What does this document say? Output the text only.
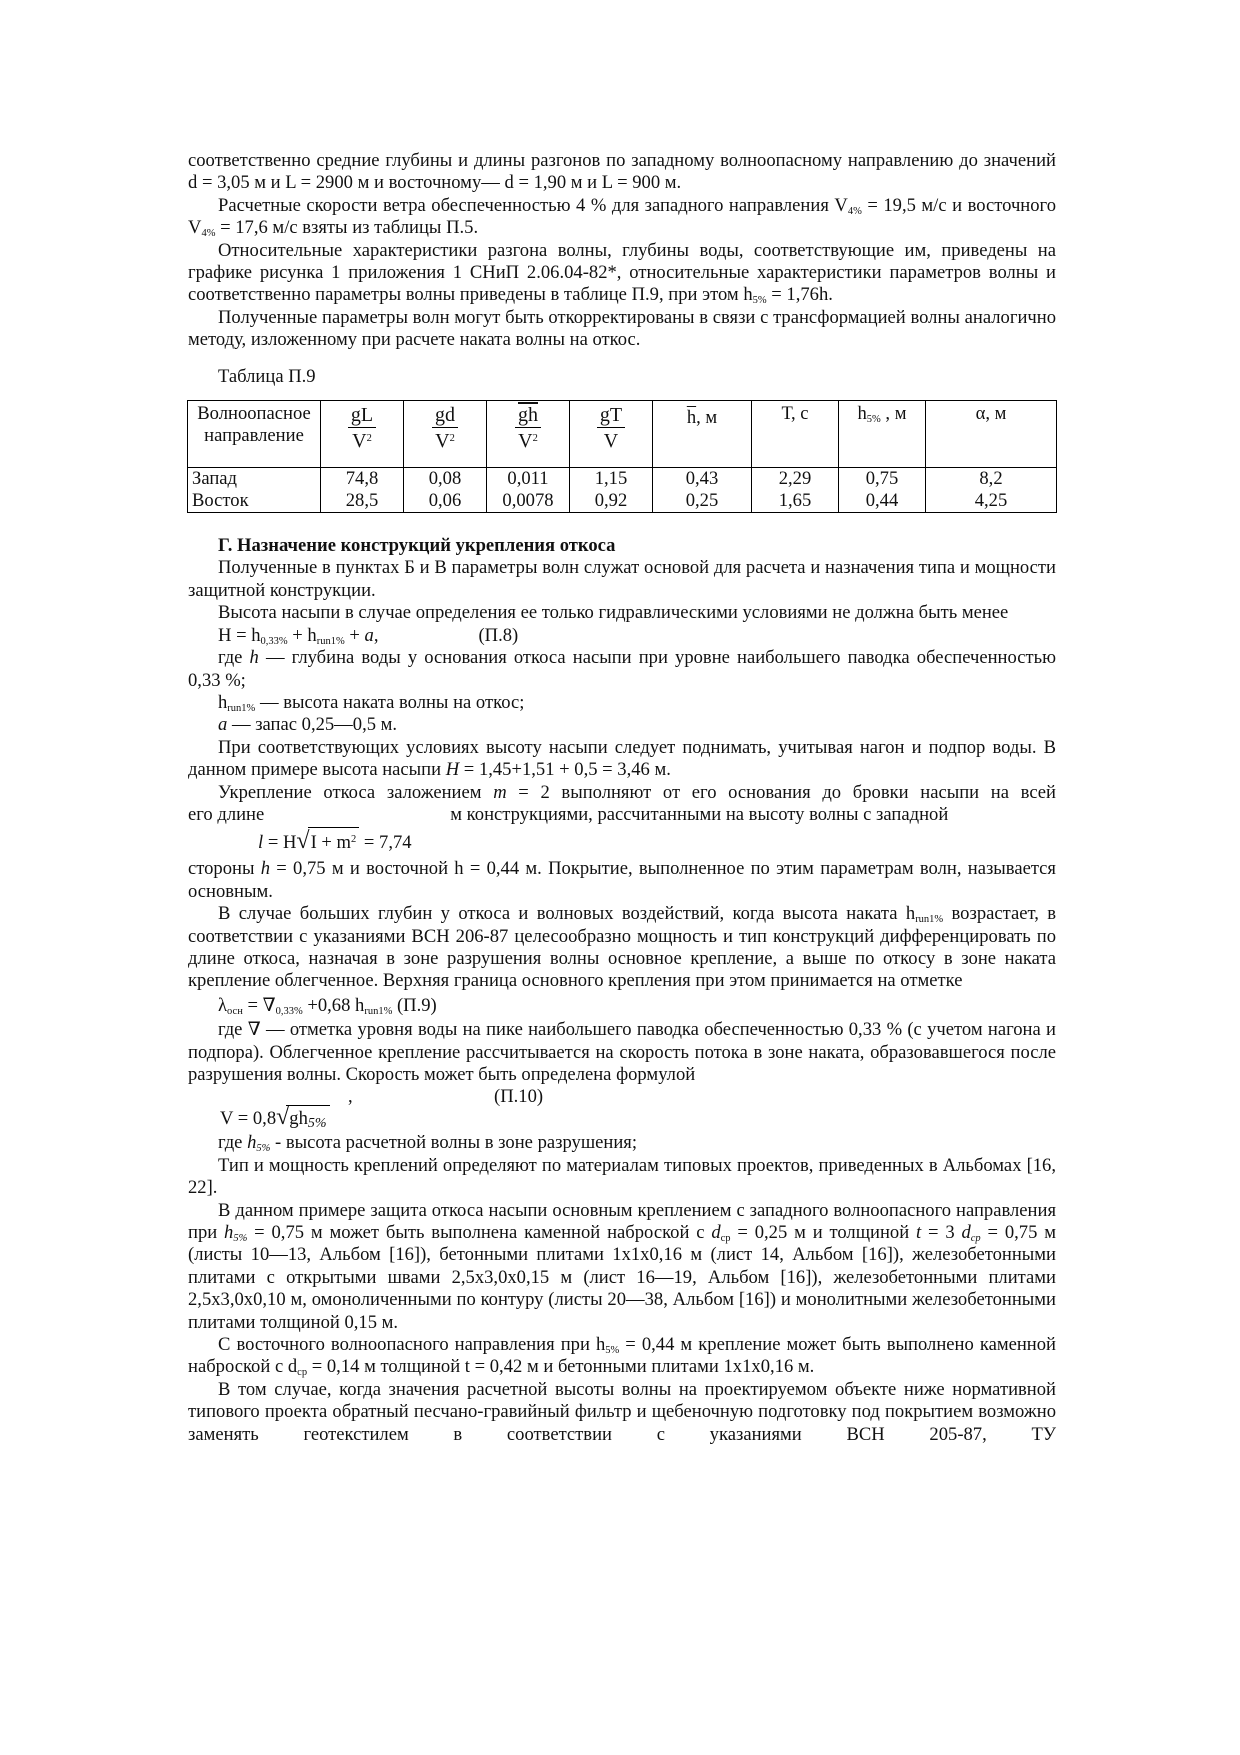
соответственно средние глубины и длины разгонов по западному волноопасному направлению до значений d = 3,05 м и L = 2900 м и восточному— d = 1,90 м и L = 900 м.

Расчетные скорости ветра обеспеченностью 4 % для западного направления $V_{4\%} = 19,5$ м/с и восточного $V_{4\%} = 17,6$ м/с взяты из таблицы П.5.

Относительные характеристики разгона волны, глубины воды, соответствующие им, приведены на графике рисунка 1 приложения 1 СНиП 2.06.04-82*, относительные характеристики параметров волны и соответственно параметры волны приведены в таблице П.9, при этом $h_{5\%} = 1,76h$.

Полученные параметры волн могут быть откорректированы в связи с трансформацией волны аналогично методу, изложенному при расчете наката волны на откос.

Таблица П.9
Волноопасное направление	$\frac{gL}{V^2}$	$\frac{gd}{V^2}$	$\frac{\overline{gh}}{V^2}$	$\frac{gT}{V}$	$\overline{h}$, м	Т, с	$h_{5\%}$ , м	α, м
Запад	74,8	0,08	0,011	1,15	0,43	2,29	0,75	8,2
Восток	28,5	0,06	0,0078	0,92	0,25	1,65	0,44	4,25

Г. Назначение конструкций укрепления откоса

Полученные в пунктах Б и В параметры волн служат основой для расчета и назначения типа и мощности защитной конструкции.

Высота насыпи в случае определения ее только гидравлическими условиями не должна быть менее

$Н = h_{0,33\%} + h_{run1\%} + a$,	(П.8)

где h — глубина воды у основания откоса насыпи при уровне наибольшего паводка обеспеченностью 0,33 %;

$h_{run1\%}$ — высота наката волны на откос;

a — запас 0,25—0,5 м.

При соответствующих условиях высоту насыпи следует поднимать, учитывая нагон и подпор воды. В данном примере высота насыпи Н = 1,45+1,51 + 0,5 = 3,46 м.

Укрепление откоса заложением m = 2 выполняют от его основания до бровки насыпи на всей

его длине	м конструкциями, рассчитанными на высоту волны с западной

$l = Н√I + m^2 = 7,74$

стороны h = 0,75 м и восточной h = 0,44 м. Покрытие, выполненное по этим параметрам волн, называется основным.

В случае больших глубин у откоса и волновых воздействий, когда высота наката $h_{run1\%}$ возрастает, в соответствии с указаниями ВСН 206-87 целесообразно мощность и тип конструкций дифференцировать по длине откоса, назначая в зоне разрушения волны основное крепление, а выше по откосу в зоне наката крепление облегченное. Верхняя граница основного крепления при этом принимается на отметке

$\lambda_{осн} = \nabla_{0,33\%} +0,68$ $h_{run1\%}$ (П.9)

где ∇ — отметка уровня воды на пике наибольшего паводка обеспеченностью 0,33 % (с учетом нагона и подпора). Облегченное крепление рассчитывается на скорость потока в зоне наката, образовавшегося после разрушения волны. Скорость может быть определена формулой

,	(П.10)
$V = 0,8√gh_{5\%}$

где $h_{5\%}$ - высота расчетной волны в зоне разрушения;

Тип и мощность креплений определяют по материалам типовых проектов, приведенных в Альбомах [16, 22].

В данном примере защита откоса насыпи основным креплением с западного волноопасного направления при $h_{5\%} = 0,75$ м может быть выполнена каменной наброской с $d_{ср} = 0,25$ м и толщиной t = 3 $d_{ср} = 0,75$ м (листы 10—13, Альбом [16]), бетонными плитами 1х1х0,16 м (лист 14, Альбом [16]), железобетонными плитами с открытыми швами 2,5х3,0х0,15 м (лист 16—19, Альбом [16]), железобетонными плитами 2,5х3,0х0,10 м, омоноличенными по контуру (листы 20—38, Альбом [16]) и монолитными железобетонными плитами толщиной 0,15 м.

С восточного волноопасного направления при $h_{5\%} = 0,44$ м крепление может быть выполнено каменной наброской с $d_{ср} = 0,14$ м толщиной t = 0,42 м и бетонными плитами 1х1х0,16 м.

В том случае, когда значения расчетной высоты волны на проектируемом объекте ниже нормативной типового проекта обратный песчано-гравийный фильтр и щебеночную подготовку под покрытием возможно заменять геотекстилем в соответствии с указаниями ВСН 205-87, ТУ
